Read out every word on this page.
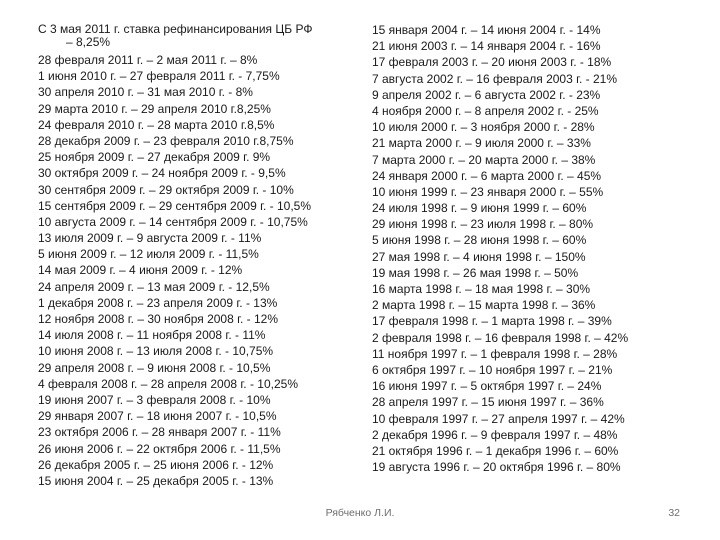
С 3 мая 2011 г. ставка рефинансирования ЦБ РФ
– 8,25%
28 февраля 2011 г. – 2 мая 2011 г. – 8%
1 июня 2010 г. – 27 февраля 2011 г. - 7,75%
30 апреля 2010 г. – 31 мая 2010 г. - 8%
29 марта 2010 г. – 29 апреля 2010 г.8,25%
24 февраля 2010 г. – 28 марта 2010 г.8,5%
28 декабря 2009 г. – 23 февраля 2010 г.8,75%
25 ноября 2009 г. – 27 декабря 2009 г. 9%
30 октября 2009 г. – 24 ноября 2009 г. - 9,5%
30 сентября 2009 г. – 29 октября 2009 г. - 10%
15 сентября 2009 г. – 29 сентября 2009 г. - 10,5%
10 августа 2009 г. – 14 сентября 2009 г. - 10,75%
13 июля 2009 г. – 9 августа 2009 г. - 11%
5 июня 2009 г. – 12 июля 2009 г. - 11,5%
14 мая 2009 г. – 4 июня 2009 г. - 12%
24 апреля 2009 г. – 13 мая 2009 г. - 12,5%
1 декабря 2008 г. – 23 апреля 2009 г. - 13%
12 ноября 2008 г. – 30 ноября 2008 г. - 12%
14 июля 2008 г. – 11 ноября 2008 г. - 11%
10 июня 2008 г. – 13 июля 2008 г. - 10,75%
29 апреля 2008 г. – 9 июня 2008 г. - 10,5%
4 февраля 2008 г. – 28 апреля 2008 г. - 10,25%
19 июня 2007 г. – 3 февраля 2008 г. - 10%
29 января 2007 г. – 18 июня 2007 г. - 10,5%
23 октября 2006 г. – 28 января 2007 г. - 11%
26 июня 2006 г. – 22 октября 2006 г. - 11,5%
26 декабря 2005 г. – 25 июня 2006 г. - 12%
15 июня 2004 г. – 25 декабря 2005 г. - 13%
15 января 2004 г. – 14 июня 2004 г. - 14%
21 июня 2003 г. – 14 января 2004 г. - 16%
17 февраля 2003 г. – 20 июня 2003 г. - 18%
7 августа 2002 г. – 16 февраля 2003 г. - 21%
9 апреля 2002 г. – 6 августа 2002 г. - 23%
4 ноября 2000 г. – 8 апреля 2002 г. - 25%
10 июля 2000 г. – 3 ноября 2000 г. - 28%
21 марта 2000 г. – 9 июля 2000 г. – 33%
7 марта 2000 г. – 20 марта 2000 г. – 38%
24 января 2000 г. – 6 марта 2000 г. – 45%
10 июня 1999 г. – 23 января 2000 г. – 55%
24 июля 1998 г. – 9 июня 1999 г. – 60%
29 июня 1998 г. – 23 июля 1998 г. – 80%
5 июня 1998 г. – 28 июня 1998 г. – 60%
27 мая 1998 г. – 4 июня 1998 г. – 150%
19 мая 1998 г. – 26 мая 1998 г. – 50%
16 марта 1998 г. – 18 мая 1998 г. – 30%
2 марта 1998 г. – 15 марта 1998 г. – 36%
17 февраля 1998 г. – 1 марта 1998 г. – 39%
2 февраля 1998 г. – 16 февраля 1998 г. – 42%
11 ноября 1997 г. – 1 февраля 1998 г. – 28%
6 октября 1997 г. – 10 ноября 1997 г. – 21%
16 июня 1997 г. – 5 октября 1997 г. – 24%
28 апреля 1997 г. – 15 июня 1997 г. – 36%
10 февраля 1997 г. – 27 апреля 1997 г. – 42%
2 декабря 1996 г. – 9 февраля 1997 г. – 48%
21 октября 1996 г. – 1 декабря 1996 г. – 60%
19 августа 1996 г. – 20 октября 1996 г. – 80%
Рябченко Л.И.	32
